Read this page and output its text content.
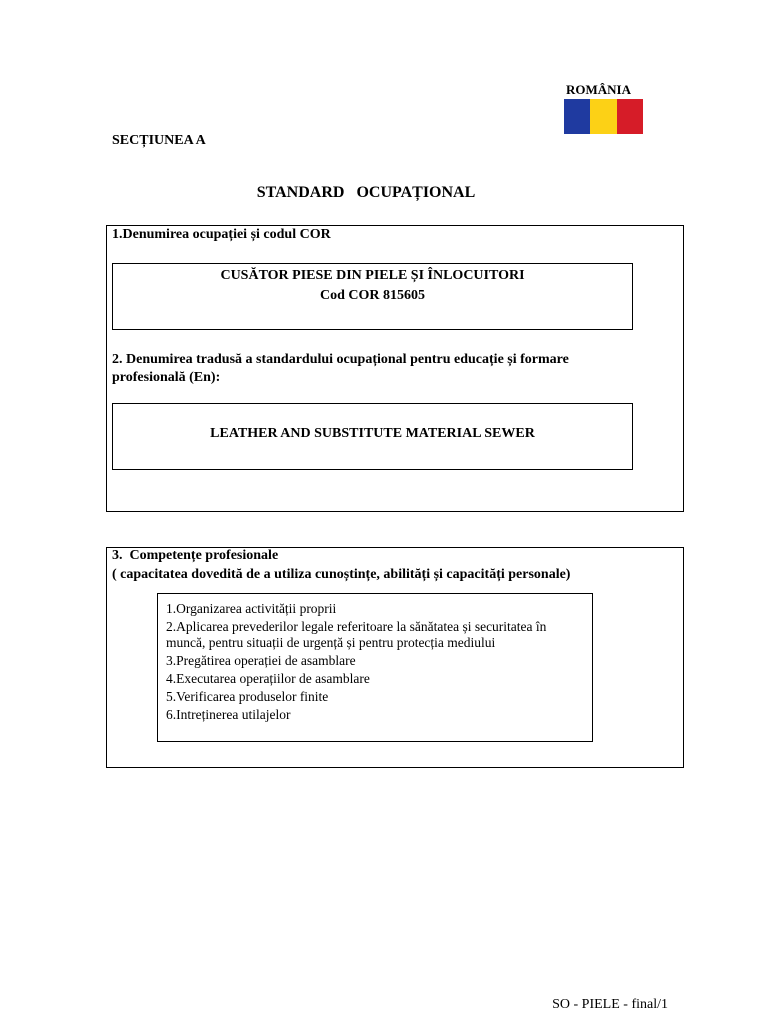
ROMÂNIA
SECȚIUNEA A
STANDARD   OCUPAȚIONAL
1.Denumirea ocupației și codul COR
CUSĂTOR PIESE DIN PIELE ȘI ÎNLOCUITORI
Cod COR 815605
2. Denumirea tradusă a standardului ocupațional pentru educație și formare profesională (En):
LEATHER AND SUBSTITUTE MATERIAL SEWER
3.  Competențe profesionale
( capacitatea dovedită de a utiliza cunoștințe, abilități și capacități personale)
1.Organizarea activității proprii
2.Aplicarea prevederilor legale referitoare la sănătatea și securitatea în muncă, pentru situații de urgență și pentru protecția mediului
3.Pregătirea operației de asamblare
4.Executarea operațiilor de asamblare
5.Verificarea produselor finite
6.Intreținerea utilajelor
SO - PIELE - final/1
